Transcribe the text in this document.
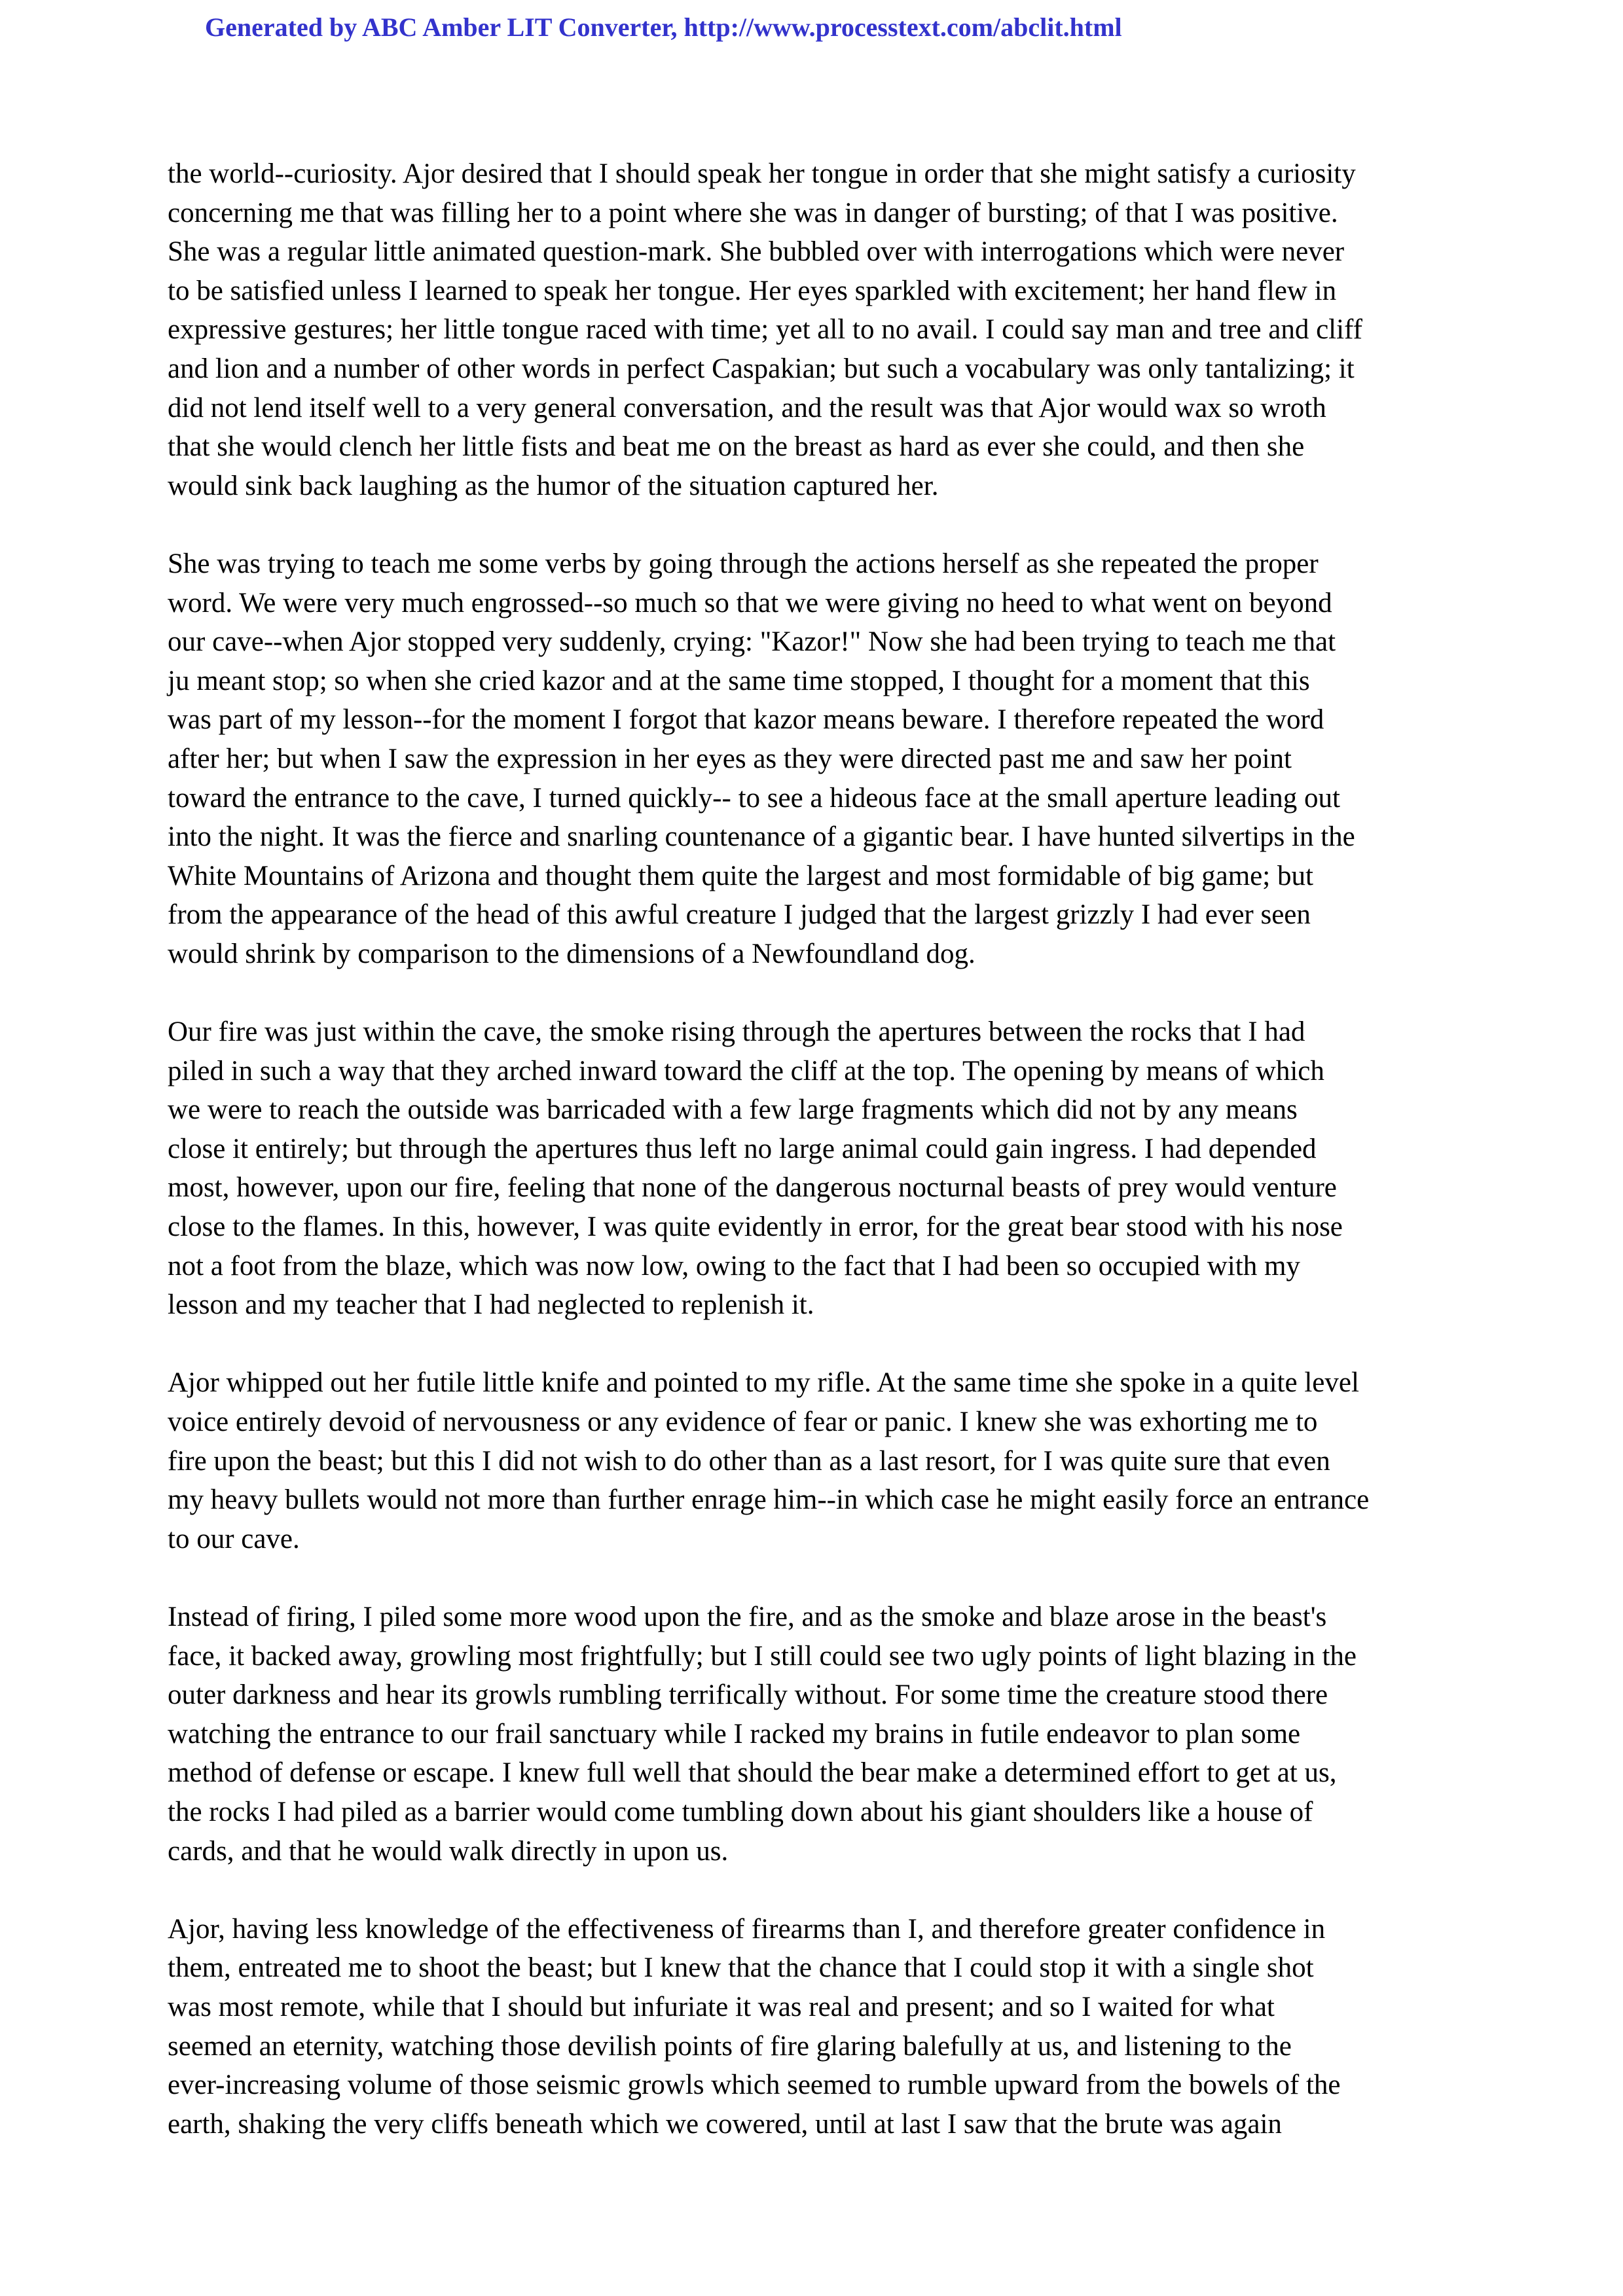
Generated by ABC Amber LIT Converter, http://www.processtext.com/abclit.html

the world--curiosity. Ajor desired that I should speak her tongue in order that she might satisfy a curiosity
concerning me that was filling her to a point where she was in danger of bursting; of that I was positive.
She was a regular little animated question-mark. She bubbled over with interrogations which were never
to be satisfied unless I learned to speak her tongue. Her eyes sparkled with excitement; her hand flew in
expressive gestures; her little tongue raced with time; yet all to no avail. I could say man and tree and cliff
and lion and a number of other words in perfect Caspakian; but such a vocabulary was only tantalizing; it
did not lend itself well to a very general conversation, and the result was that Ajor would wax so wroth
that she would clench her little fists and beat me on the breast as hard as ever she could, and then she
would sink back laughing as the humor of the situation captured her.

She was trying to teach me some verbs by going through the actions herself as she repeated the proper
word. We were very much engrossed--so much so that we were giving no heed to what went on beyond
our cave--when Ajor stopped very suddenly, crying: "Kazor!" Now she had been trying to teach me that
ju meant stop; so when she cried kazor and at the same time stopped, I thought for a moment that this
was part of my lesson--for the moment I forgot that kazor means beware. I therefore repeated the word
after her; but when I saw the expression in her eyes as they were directed past me and saw her point
toward the entrance to the cave, I turned quickly-- to see a hideous face at the small aperture leading out
into the night. It was the fierce and snarling countenance of a gigantic bear. I have hunted silvertips in the
White Mountains of Arizona and thought them quite the largest and most formidable of big game; but
from the appearance of the head of this awful creature I judged that the largest grizzly I had ever seen
would shrink by comparison to the dimensions of a Newfoundland dog.

Our fire was just within the cave, the smoke rising through the apertures between the rocks that I had
piled in such a way that they arched inward toward the cliff at the top. The opening by means of which
we were to reach the outside was barricaded with a few large fragments which did not by any means
close it entirely; but through the apertures thus left no large animal could gain ingress. I had depended
most, however, upon our fire, feeling that none of the dangerous nocturnal beasts of prey would venture
close to the flames. In this, however, I was quite evidently in error, for the great bear stood with his nose
not a foot from the blaze, which was now low, owing to the fact that I had been so occupied with my
lesson and my teacher that I had neglected to replenish it.

Ajor whipped out her futile little knife and pointed to my rifle. At the same time she spoke in a quite level
voice entirely devoid of nervousness or any evidence of fear or panic. I knew she was exhorting me to
fire upon the beast; but this I did not wish to do other than as a last resort, for I was quite sure that even
my heavy bullets would not more than further enrage him--in which case he might easily force an entrance
to our cave.

Instead of firing, I piled some more wood upon the fire, and as the smoke and blaze arose in the beast's
face, it backed away, growling most frightfully; but I still could see two ugly points of light blazing in the
outer darkness and hear its growls rumbling terrifically without. For some time the creature stood there
watching the entrance to our frail sanctuary while I racked my brains in futile endeavor to plan some
method of defense or escape. I knew full well that should the bear make a determined effort to get at us,
the rocks I had piled as a barrier would come tumbling down about his giant shoulders like a house of
cards, and that he would walk directly in upon us.

Ajor, having less knowledge of the effectiveness of firearms than I, and therefore greater confidence in
them, entreated me to shoot the beast; but I knew that the chance that I could stop it with a single shot
was most remote, while that I should but infuriate it was real and present; and so I waited for what
seemed an eternity, watching those devilish points of fire glaring balefully at us, and listening to the
ever-increasing volume of those seismic growls which seemed to rumble upward from the bowels of the
earth, shaking the very cliffs beneath which we cowered, until at last I saw that the brute was again
